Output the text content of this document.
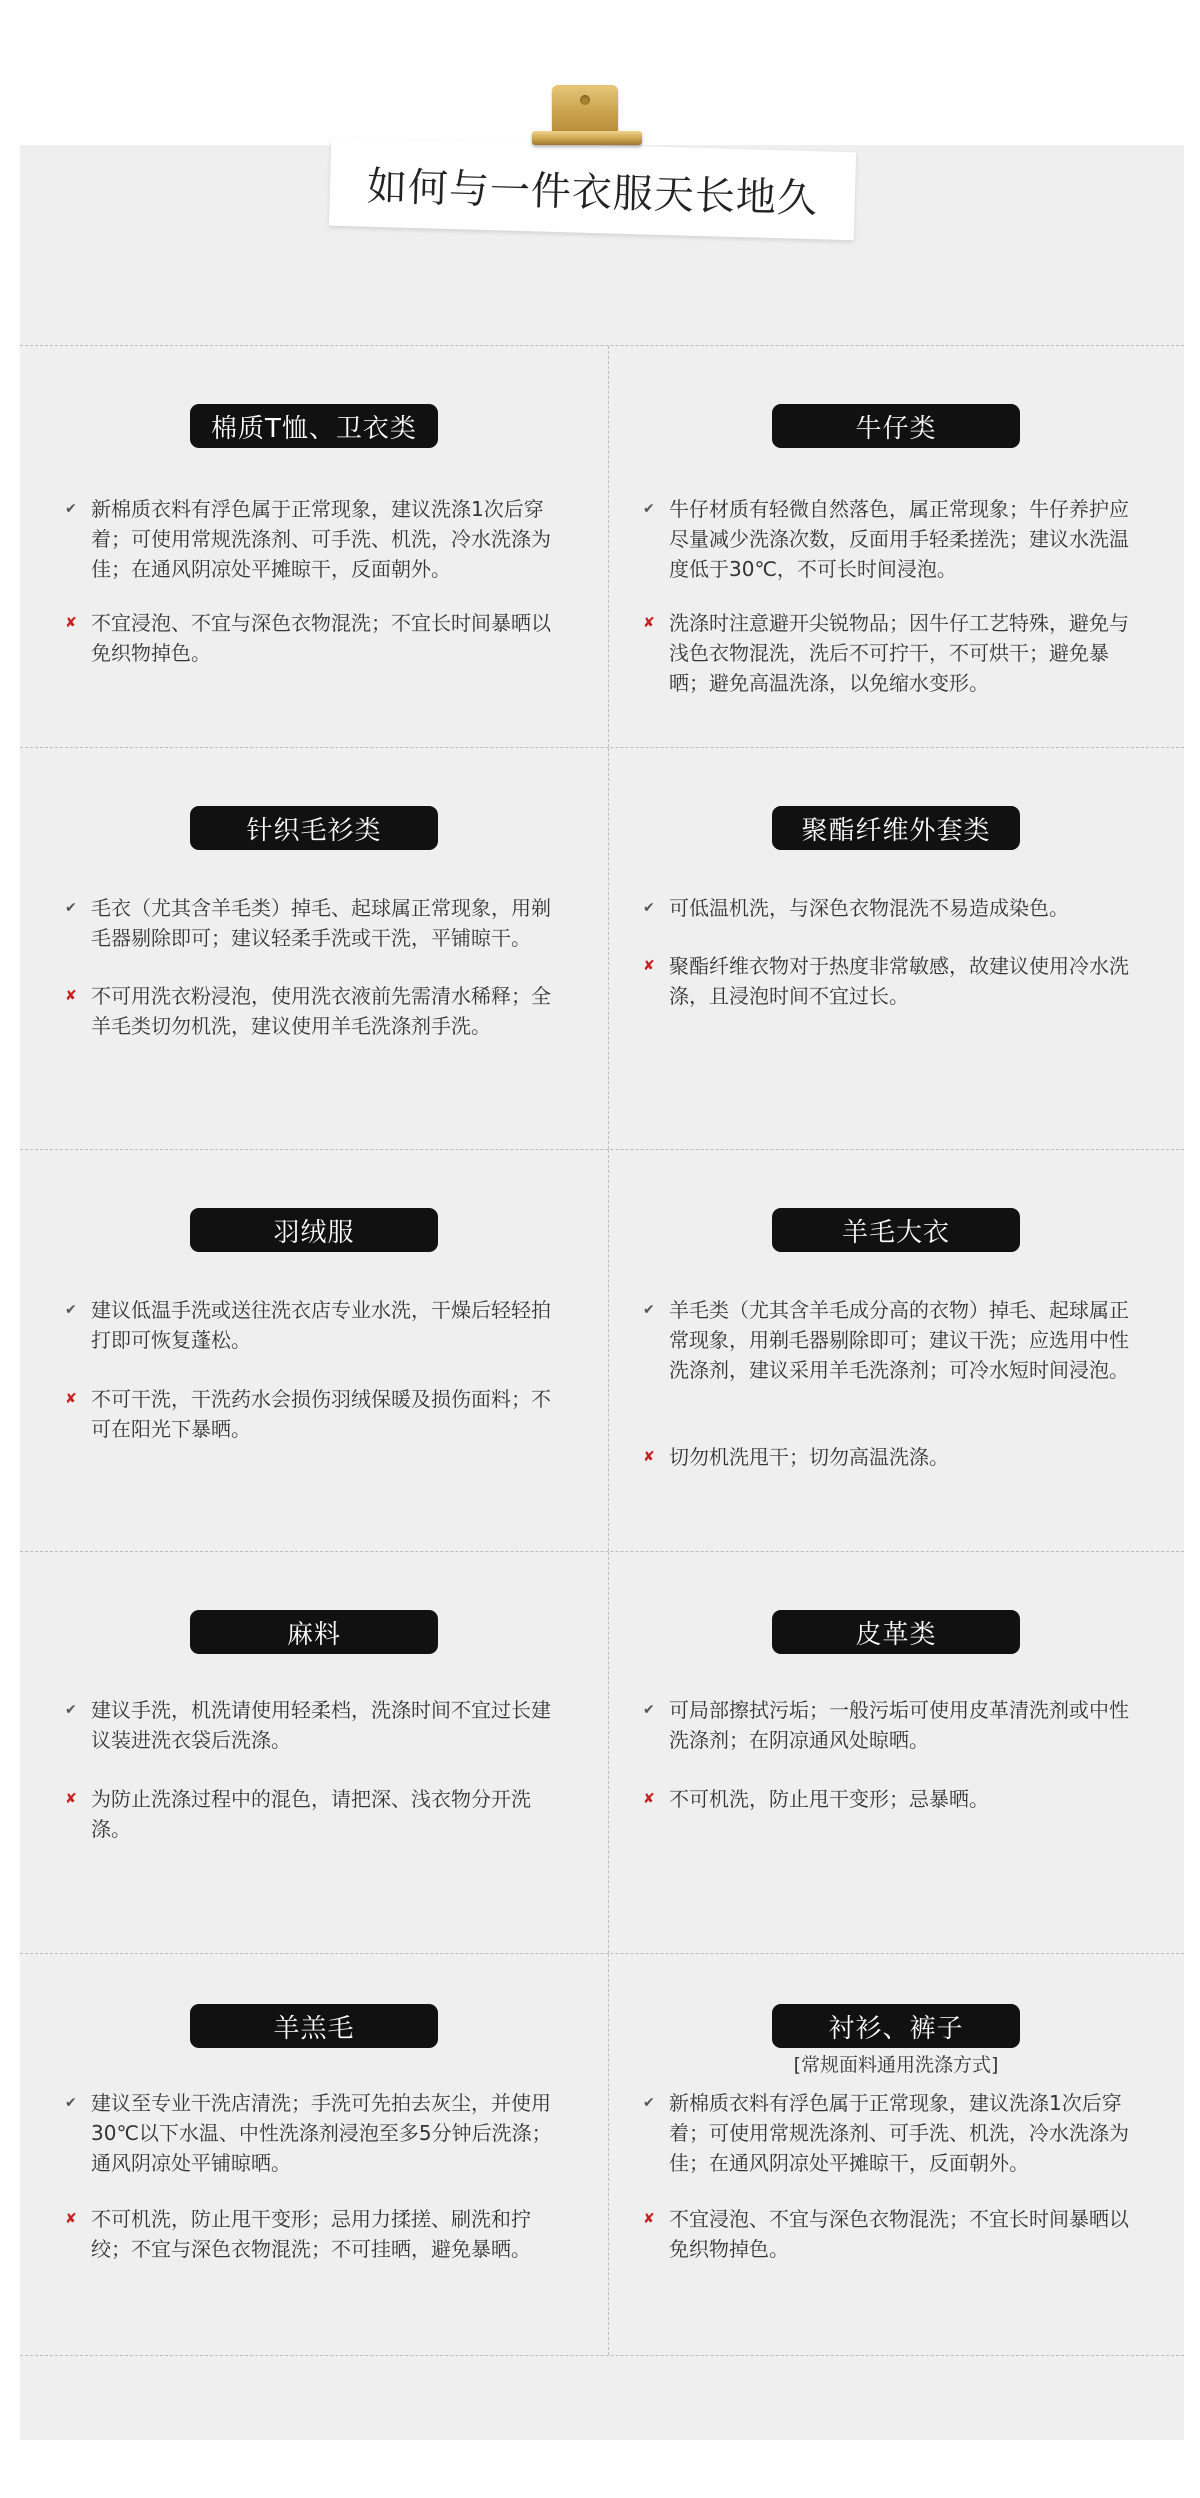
如何与一件衣服天长地久
棉质T恤、卫衣类
✔ 新棉质衣料有浮色属于正常现象，建议洗涤1次后穿着；可使用常规洗涤剂、可手洗、机洗，冷水洗涤为佳；在通风阴凉处平摊晾干，反面朝外。
✘ 不宜浸泡、不宜与深色衣物混洗；不宜长时间暴晒以免织物掉色。
牛仔类
✔ 牛仔材质有轻微自然落色，属正常现象；牛仔养护应尽量减少洗涤次数，反面用手轻柔搓洗；建议水洗温度低于30℃，不可长时间浸泡。
✘ 洗涤时注意避开尖锐物品；因牛仔工艺特殊，避免与浅色衣物混洗，洗后不可拧干，不可烘干；避免暴晒；避免高温洗涤，以免缩水变形。
针织毛衫类
✔ 毛衣（尤其含羊毛类）掉毛、起球属正常现象，用剃毛器剔除即可；建议轻柔手洗或干洗，平铺晾干。
✘ 不可用洗衣粉浸泡，使用洗衣液前先需清水稀释；全羊毛类切勿机洗，建议使用羊毛洗涤剂手洗。
聚酯纤维外套类
✔ 可低温机洗，与深色衣物混洗不易造成染色。
✘ 聚酯纤维衣物对于热度非常敏感，故建议使用冷水洗涤，且浸泡时间不宜过长。
羽绒服
✔ 建议低温手洗或送往洗衣店专业水洗，干燥后轻轻拍打即可恢复蓬松。
✘ 不可干洗，干洗药水会损伤羽绒保暖及损伤面料；不可在阳光下暴晒。
羊毛大衣
✔ 羊毛类（尤其含羊毛成分高的衣物）掉毛、起球属正常现象，用剃毛器剔除即可；建议干洗；应选用中性洗涤剂，建议采用羊毛洗涤剂；可冷水短时间浸泡。
✘ 切勿机洗甩干；切勿高温洗涤。
麻料
✔ 建议手洗，机洗请使用轻柔档，洗涤时间不宜过长建议装进洗衣袋后洗涤。
✘ 为防止洗涤过程中的混色，请把深、浅衣物分开洗涤。
皮革类
✔ 可局部擦拭污垢；一般污垢可使用皮革清洗剂或中性洗涤剂；在阴凉通风处晾晒。
✘ 不可机洗，防止甩干变形；忌暴晒。
羊羔毛
✔ 建议至专业干洗店清洗；手洗可先拍去灰尘，并使用30℃以下水温、中性洗涤剂浸泡至多5分钟后洗涤；通风阴凉处平铺晾晒。
✘ 不可机洗，防止甩干变形；忌用力揉搓、刷洗和拧绞；不宜与深色衣物混洗；不可挂晒，避免暴晒。
衬衫、裤子
[常规面料通用洗涤方式]
✔ 新棉质衣料有浮色属于正常现象，建议洗涤1次后穿着；可使用常规洗涤剂、可手洗、机洗，冷水洗涤为佳；在通风阴凉处平摊晾干，反面朝外。
✘ 不宜浸泡、不宜与深色衣物混洗；不宜长时间暴晒以免织物掉色。
